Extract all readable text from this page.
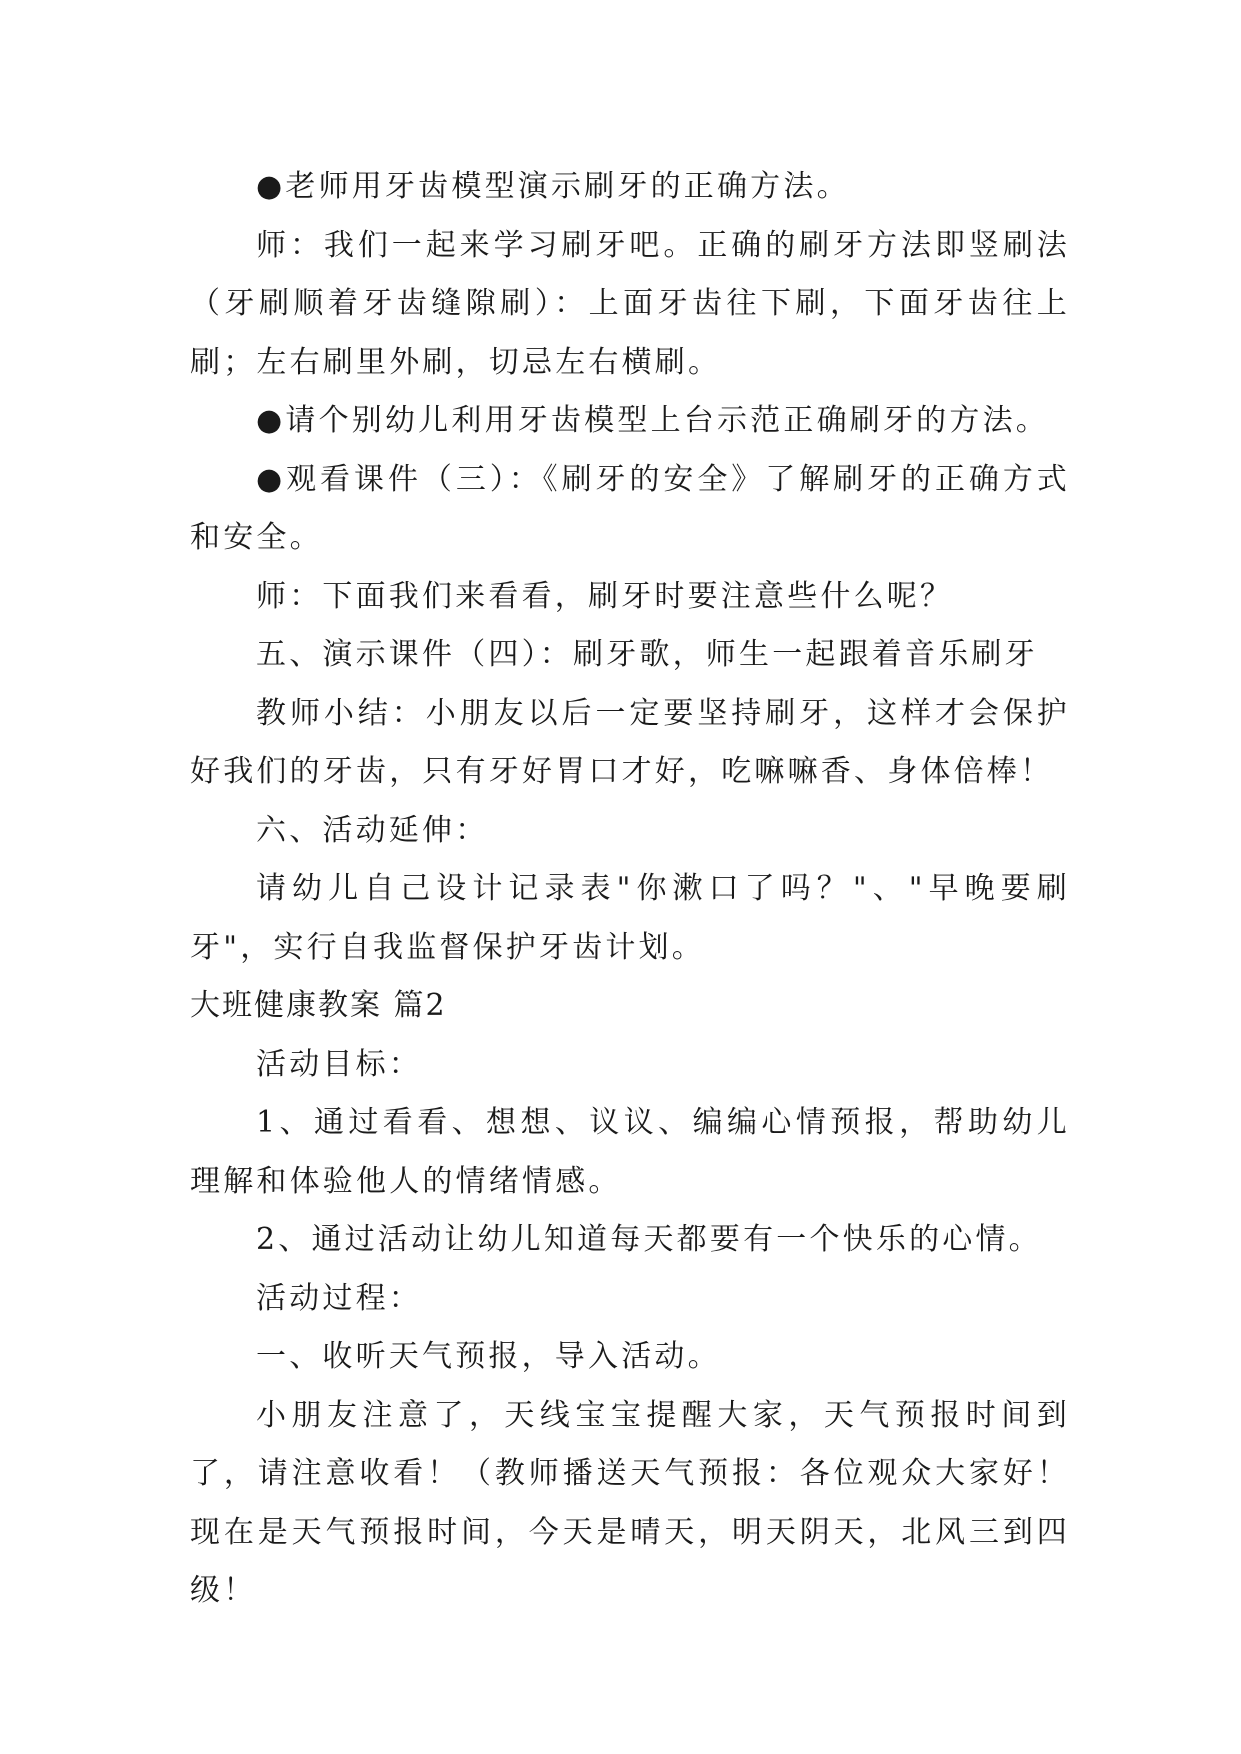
●老师用牙齿模型演示刷牙的正确方法。

师：我们一起来学习刷牙吧。正确的刷牙方法即竖刷法（牙刷顺着牙齿缝隙刷）：上面牙齿往下刷，下面牙齿往上刷；左右刷里外刷，切忌左右横刷。

●请个别幼儿利用牙齿模型上台示范正确刷牙的方法。

●观看课件（三）：《刷牙的安全》了解刷牙的正确方式和安全。

师：下面我们来看看，刷牙时要注意些什么呢？

五、演示课件（四）：刷牙歌，师生一起跟着音乐刷牙

教师小结：小朋友以后一定要坚持刷牙，这样才会保护好我们的牙齿，只有牙好胃口才好，吃嘛嘛香、身体倍棒！

六、活动延伸：

请幼儿自己设计记录表"你漱口了吗？"、"早晚要刷牙"，实行自我监督保护牙齿计划。

大班健康教案 篇2

活动目标：

1、通过看看、想想、议议、编编心情预报，帮助幼儿理解和体验他人的情绪情感。

2、通过活动让幼儿知道每天都要有一个快乐的心情。

活动过程：

一、收听天气预报，导入活动。

小朋友注意了，天线宝宝提醒大家，天气预报时间到了，请注意收看！（教师播送天气预报：各位观众大家好！现在是天气预报时间，今天是晴天，明天阴天，北风三到四级！
